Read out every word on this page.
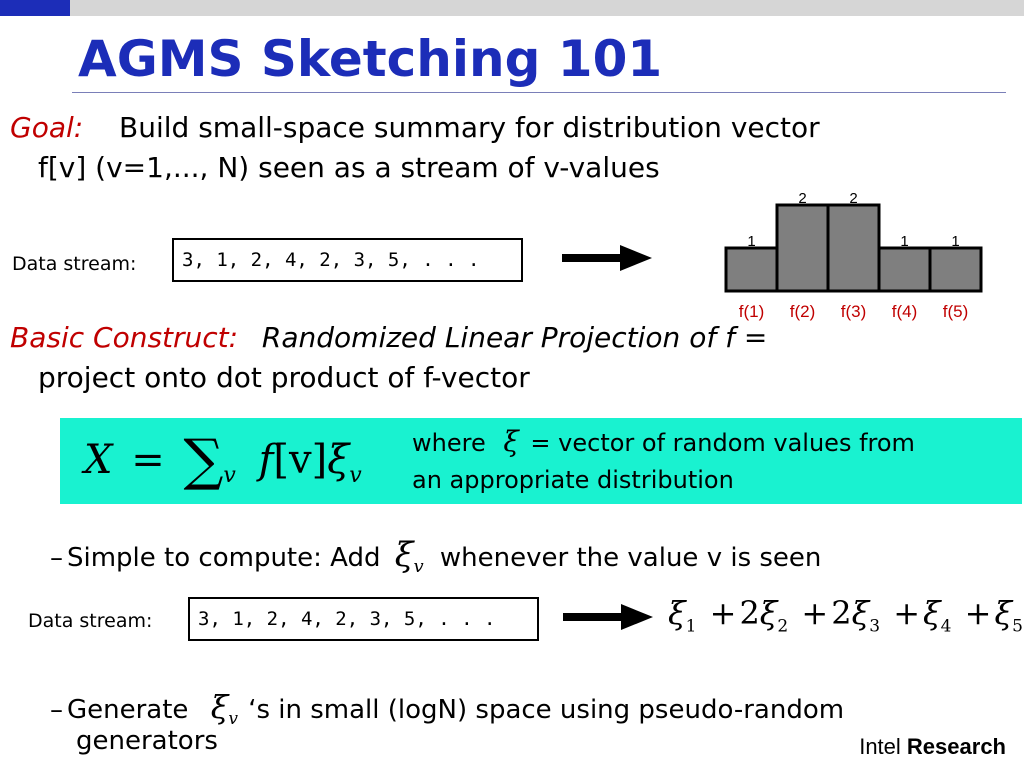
AGMS Sketching 101
Goal: Build small-space summary for distribution vector
f[v] (v=1,..., N) seen as a stream of v-values
Data stream:	3, 1, 2, 4, 2, 3, 5, . . .
1
f(1)
2
f(2)
2
f(3)
1
f(4)
1
f(5)
Basic Construct: Randomized Linear Projection of f =
project onto dot product of f-vector
$X = \sum_v$ $f[v]\xi_v$
where ξ = vector of random values from
an appropriate distribution
– Simple to compute: Add $\xi_v$ whenever the value v is seen
Data stream:	3, 1, 2, 4, 2, 3, 5, . . .	$\xi_1 +2\xi_2 +2\xi_3 +\xi_4 +\xi_5$
– Generate $\xi_v$ ‘s in small (logN) space using pseudo-random
generators	Intel Research
